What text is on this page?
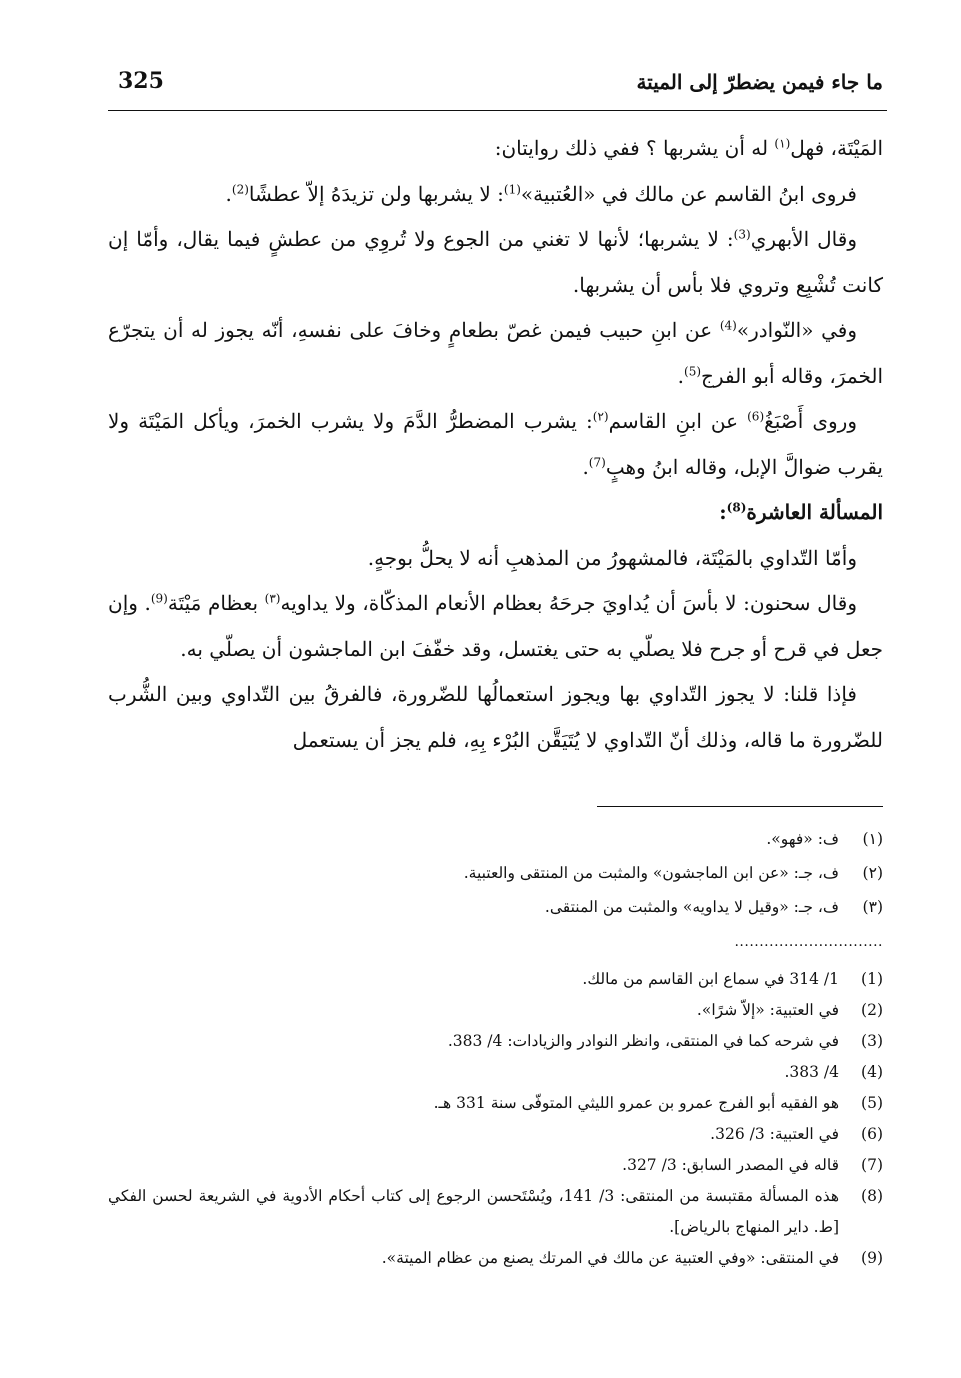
325	ما جاء فيمن يضطرّ إلى الميتة

المَيْتَة، فهل$^{(١)}$ له أن يشربها ؟ ففي ذلك روايتان:

فروى ابنُ القاسم عن مالك في «العُتبية»$^{(1)}$: لا يشربها ولن تزيدَهُ إلاّ عطشًا$^{(2)}$.

وقال الأبهري$^{(3)}$: لا يشربها؛ لأنها لا تغني من الجوع ولا تُروِي من عطشٍ فيما يقال، وأمّا إن كانت تُشْبِع وتروي فلا بأس أن يشربها.

وفي «النّوادر»$^{(4)}$ عن ابنِ حبيب فيمن غصّ بطعامٍ وخافَ على نفسهِ، أنّه يجوز له أن يتجرّع الخمرَ، وقاله أبو الفرج$^{(5)}$.

وروى أَصْبَغُ$^{(6)}$ عن ابنِ القاسم$^{(٢)}$: يشرب المضطرُّ الدَّمَ ولا يشرب الخمرَ، ويأكل المَيْتَة ولا يقرب ضوالَّ الإبل، وقاله ابنُ وهبٍ$^{(7)}$.

المسألة العاشرة$^{(8)}$:

وأمّا التّداوي بالمَيْتَة، فالمشهورُ من المذهبِ أنه لا يحلُّ بوجهٍ.

وقال سحنون: لا بأسَ أن يُداويَ جرحَهُ بعظام الأنعام المذكّاة، ولا يداويه$^{(٣)}$ بعظام مَيْتَة$^{(9)}$. وإن جعل في قرح أو جرح فلا يصلّي به حتى يغتسل، وقد خفّفَ ابن الماجشون أن يصلّي به.

فإذا قلنا: لا يجوز التّداوي بها ويجوز استعمالُها للضّرورة، فالفرقُ بين التّداوي وبين الشُّرب للضّرورة ما قاله، وذلك أنّ التّداوي لا يُتَيَقَّن البُرْء بِهِ، فلم يجز أن يستعمل

(١)
ف: «فهو».
(٢)
ف، جـ: «عن ابن الماجشون» والمثبت من المنتقى والعتبية.
(٣)
ف، جـ: «وقيل لا يداويه» والمثبت من المنتقى.
..............................
(1)
1/ 314 في سماع ابن القاسم من مالك.
(2)
في العتبية: «إلاّ شرًا».
(3)
في شرحه كما في المنتقى، وانظر النوادر والزيادات: 4/ 383.
(4)
4/ 383.
(5)
هو الفقيه أبو الفرج عمرو بن عمرو الليثي المتوفّى سنة 331 هـ.
(6)
في العتبية: 3/ 326.
(7)
قاله في المصدر السابق: 3/ 327.
(8)
هذه المسألة مقتبسة من المنتقى: 3/ 141، ويُسْتَحسن الرجوع إلى كتاب أحكام الأدوية في الشريعة لحسن الفكي [ط. داير المنهاج بالرياض].
(9)
في المنتقى: «وفي العتبية عن مالك في المرتك يصنع من عظام الميتة».
